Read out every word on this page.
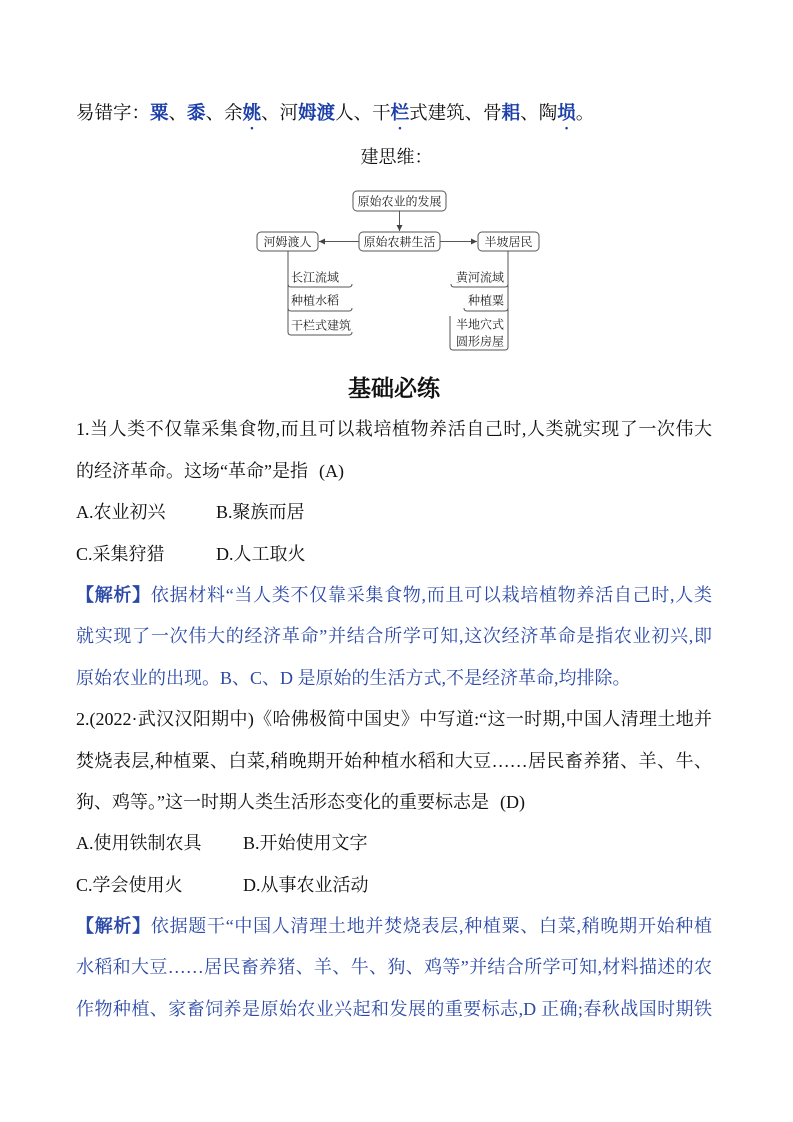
易错字：粟、黍、余姚、河姆渡人、干栏式建筑、骨耜、陶埙。
建思维：
原始农业的发展
原始农耕生活
河姆渡人	半坡居民
长江流域
种植水稻
干栏式建筑
黄河流域
种植粟
半地穴式
圆形房屋
基础必练
1.当人类不仅靠采集食物,而且可以栽培植物养活自己时,人类就实现了一次伟大
的经济革命。这场“革命”是指 (A)
A.农业初兴	B.聚族而居
C.采集狩猎	D.人工取火
【解析】依据材料“当人类不仅靠采集食物,而且可以栽培植物养活自己时,人类
就实现了一次伟大的经济革命”并结合所学可知,这次经济革命是指农业初兴,即
原始农业的出现。B、C、D 是原始的生活方式,不是经济革命,均排除。
2.(2022·武汉汉阳期中)《哈佛极简中国史》中写道:“这一时期,中国人清理土地并
焚烧表层,种植粟、白菜,稍晚期开始种植水稻和大豆……居民畜养猪、羊、牛、
狗、鸡等。”这一时期人类生活形态变化的重要标志是 (D)
A.使用铁制农具 B.开始使用文字
C.学会使用火	D.从事农业活动
【解析】依据题干“中国人清理土地并焚烧表层,种植粟、白菜,稍晚期开始种植
水稻和大豆……居民畜养猪、羊、牛、狗、鸡等”并结合所学可知,材料描述的农
作物种植、家畜饲养是原始农业兴起和发展的重要标志,D 正确;春秋战国时期铁
